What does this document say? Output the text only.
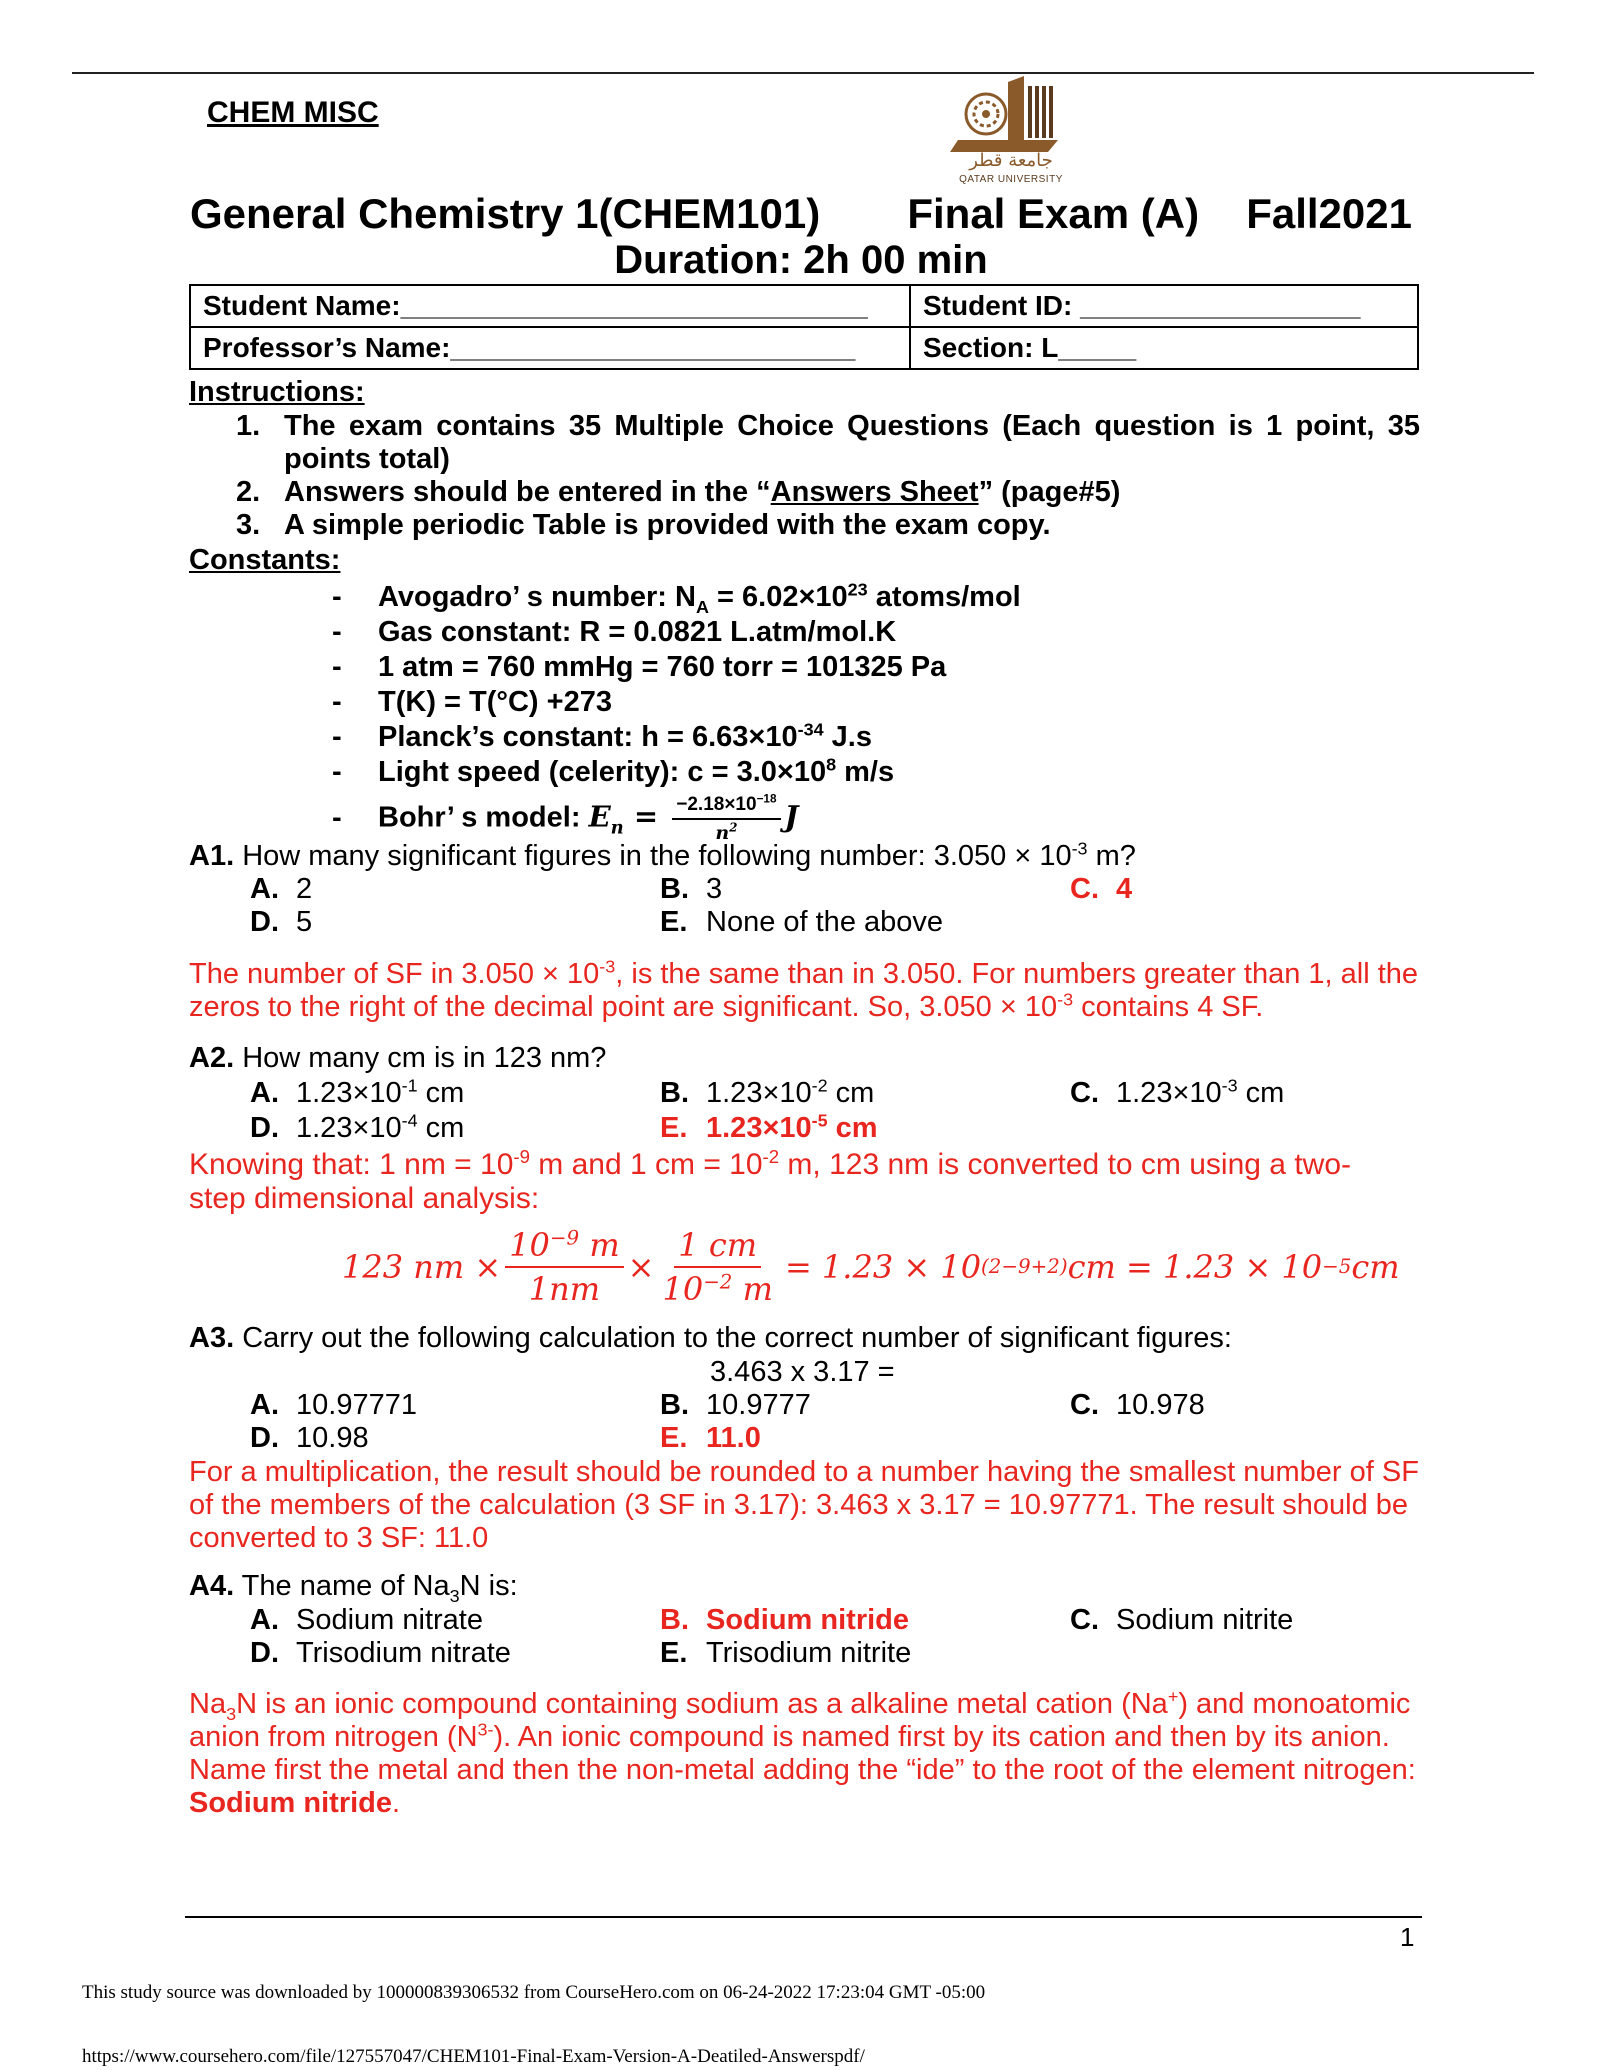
CHEM MISC
جامعة قطر
QATAR UNIVERSITY
General Chemistry 1(CHEM101) Final Exam (A) Fall2021
Duration: 2h 00 min
Student Name:______________________________	Student ID: __________________
Professor’s Name:__________________________	Section: L_____
Instructions:
1. The exam contains 35 Multiple Choice Questions (Each question is 1 point, 35 points total)
2. Answers should be entered in the “Answers Sheet” (page#5)
3. A simple periodic Table is provided with the exam copy.
Constants:
- Avogadro’ s number: $N_A = 6.02\times 10^{23}$ atoms/mol
- Gas constant: R = 0.0821 L.atm/mol.K
- 1 atm = 760 mmHg = 760 torr = 101325 Pa
- T(K) = T(°C) +273
- Planck’s constant: $h = 6.63\times 10^{-34}$ J.s
- Light speed (celerity): $c = 3.0\times 10^8$ m/s
- Bohr’ s model: $E_n = \frac{-2.18\times 10^{-18}}{n^2}$ J
A1. How many significant figures in the following number: $3.050 \times 10^{-3}$ m?
A. 2	B. 3	C. 4
D. 5	E. None of the above
The number of SF in $3.050 \times 10^{-3}$, is the same than in 3.050. For numbers greater than 1, all the
zeros to the right of the decimal point are significant. So, $3.050 \times 10^{-3}$ contains 4 SF.
A2. How many cm is in 123 nm?
A. $1.23\times 10^{-1}$ cm	B. $1.23\times 10^{-2}$ cm	C. $1.23\times 10^{-3}$ cm
D. $1.23\times 10^{-4}$ cm	E. $1.23\times 10^{-5}$ cm
Knowing that: 1 nm = $10^{-9}$ m and 1 cm = $10^{-2}$ m, 123 nm is converted to cm using a two-
step dimensional analysis:
123 nm × $\frac{10^{-9} m}{1nm} \times \frac{1 cm}{10^{-2} m} = 1.23 \times 10$ (2−9+2) cm = 1.23 × 10 −5 cm
A3. Carry out the following calculation to the correct number of significant figures:
3.463 x 3.17 =
A. 10.97771	B. 10.9777	C. 10.978
D. 10.98	E. 11.0
For a multiplication, the result should be rounded to a number having the smallest number of SF
of the members of the calculation (3 SF in 3.17): 3.463 x 3.17 = 10.97771. The result should be
converted to 3 SF: 11.0
A4. The name of $Na_3N$ is:
A. Sodium nitrate	B. Sodium nitride	C. Sodium nitrite
D. Trisodium nitrate	E. Trisodium nitrite
$Na_3N$ is an ionic compound containing sodium as a alkaline metal cation (Na+) and monoatomic
anion from nitrogen $(N^{3-})$. An ionic compound is named first by its cation and then by its anion.
Name first the metal and then the non-metal adding the “ide” to the root of the element nitrogen:
Sodium nitride.
1
This study source was downloaded by 100000839306532 from CourseHero.com on 06-24-2022 17:23:04 GMT -05:00
https://www.coursehero.com/file/127557047/CHEM101-Final-Exam-Version-A-Deatiled-Answerspdf/
